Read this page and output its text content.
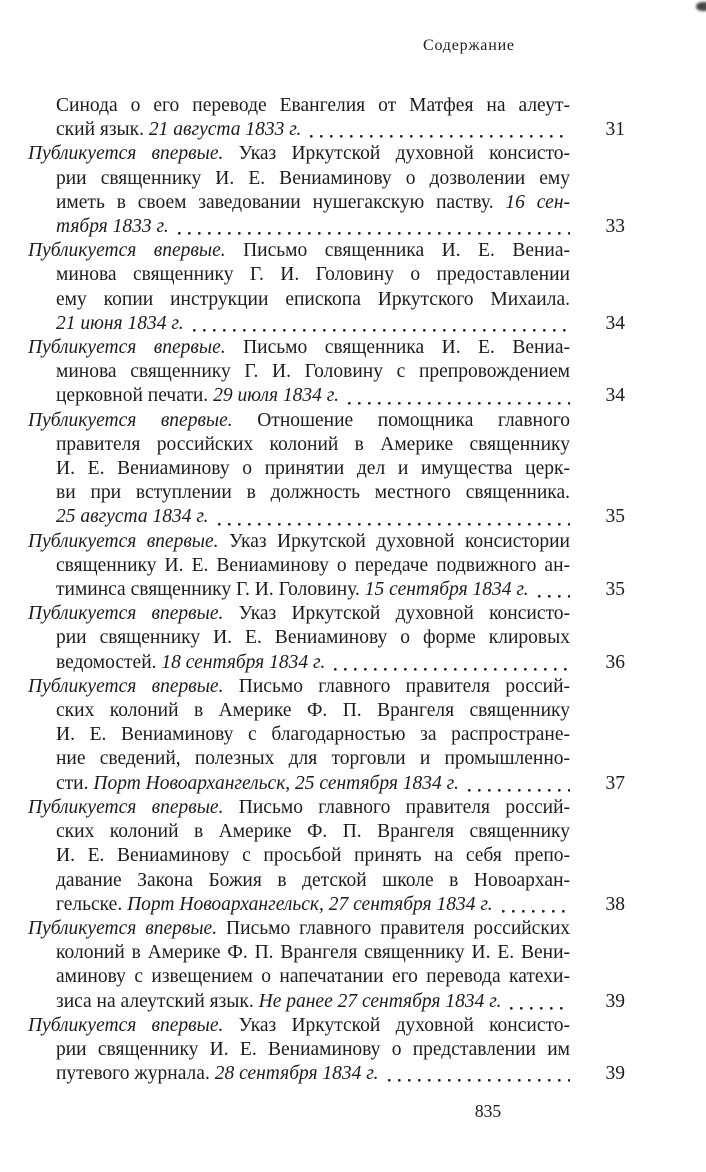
Содержание
Синода о его переводе Евангелия от Матфея на алеут-
ский язык. 21 августа 1833 г.	31
Публикуется впервые. Указ Иркутской духовной консисто-
рии священнику И. Е. Вениаминову о дозволении ему
иметь в своем заведовании нушегакскую паству. 16 сен-
тября 1833 г.	33
Публикуется впервые. Письмо священника И. Е. Вениа-
минова священнику Г. И. Головину о предоставлении
ему копии инструкции епископа Иркутского Михаила.
21 июня 1834 г.	34
Публикуется впервые. Письмо священника И. Е. Вениа-
минова священнику Г. И. Головину с препровождением
церковной печати. 29 июля 1834 г.	34
Публикуется впервые. Отношение помощника главного
правителя российских колоний в Америке священнику
И. Е. Вениаминову о принятии дел и имущества церк-
ви при вступлении в должность местного священника.
25 августа 1834 г.	35
Публикуется впервые. Указ Иркутской духовной консистории
священнику И. Е. Вениаминову о передаче подвижного ан-
тиминса священнику Г. И. Головину. 15 сентября 1834 г.	35
Публикуется впервые. Указ Иркутской духовной консисто-
рии священнику И. Е. Вениаминову о форме клировых
ведомостей. 18 сентября 1834 г.	36
Публикуется впервые. Письмо главного правителя россий-
ских колоний в Америке Ф. П. Врангеля священнику
И. Е. Вениаминову с благодарностью за распростране-
ние сведений, полезных для торговли и промышленно-
сти. Порт Новоархангельск, 25 сентября 1834 г.	37
Публикуется впервые. Письмо главного правителя россий-
ских колоний в Америке Ф. П. Врангеля священнику
И. Е. Вениаминову с просьбой принять на себя препо-
давание Закона Божия в детской школе в Новоархан-
гельске. Порт Новоархангельск, 27 сентября 1834 г.	38
Публикуется впервые. Письмо главного правителя российских
колоний в Америке Ф. П. Врангеля священнику И. Е. Вени-
аминову с извещением о напечатании его перевода катехи-
зиса на алеутский язык. Не ранее 27 сентября 1834 г.	39
Публикуется впервые. Указ Иркутской духовной консисто-
рии священнику И. Е. Вениаминову о представлении им
путевого журнала. 28 сентября 1834 г.	39
835
